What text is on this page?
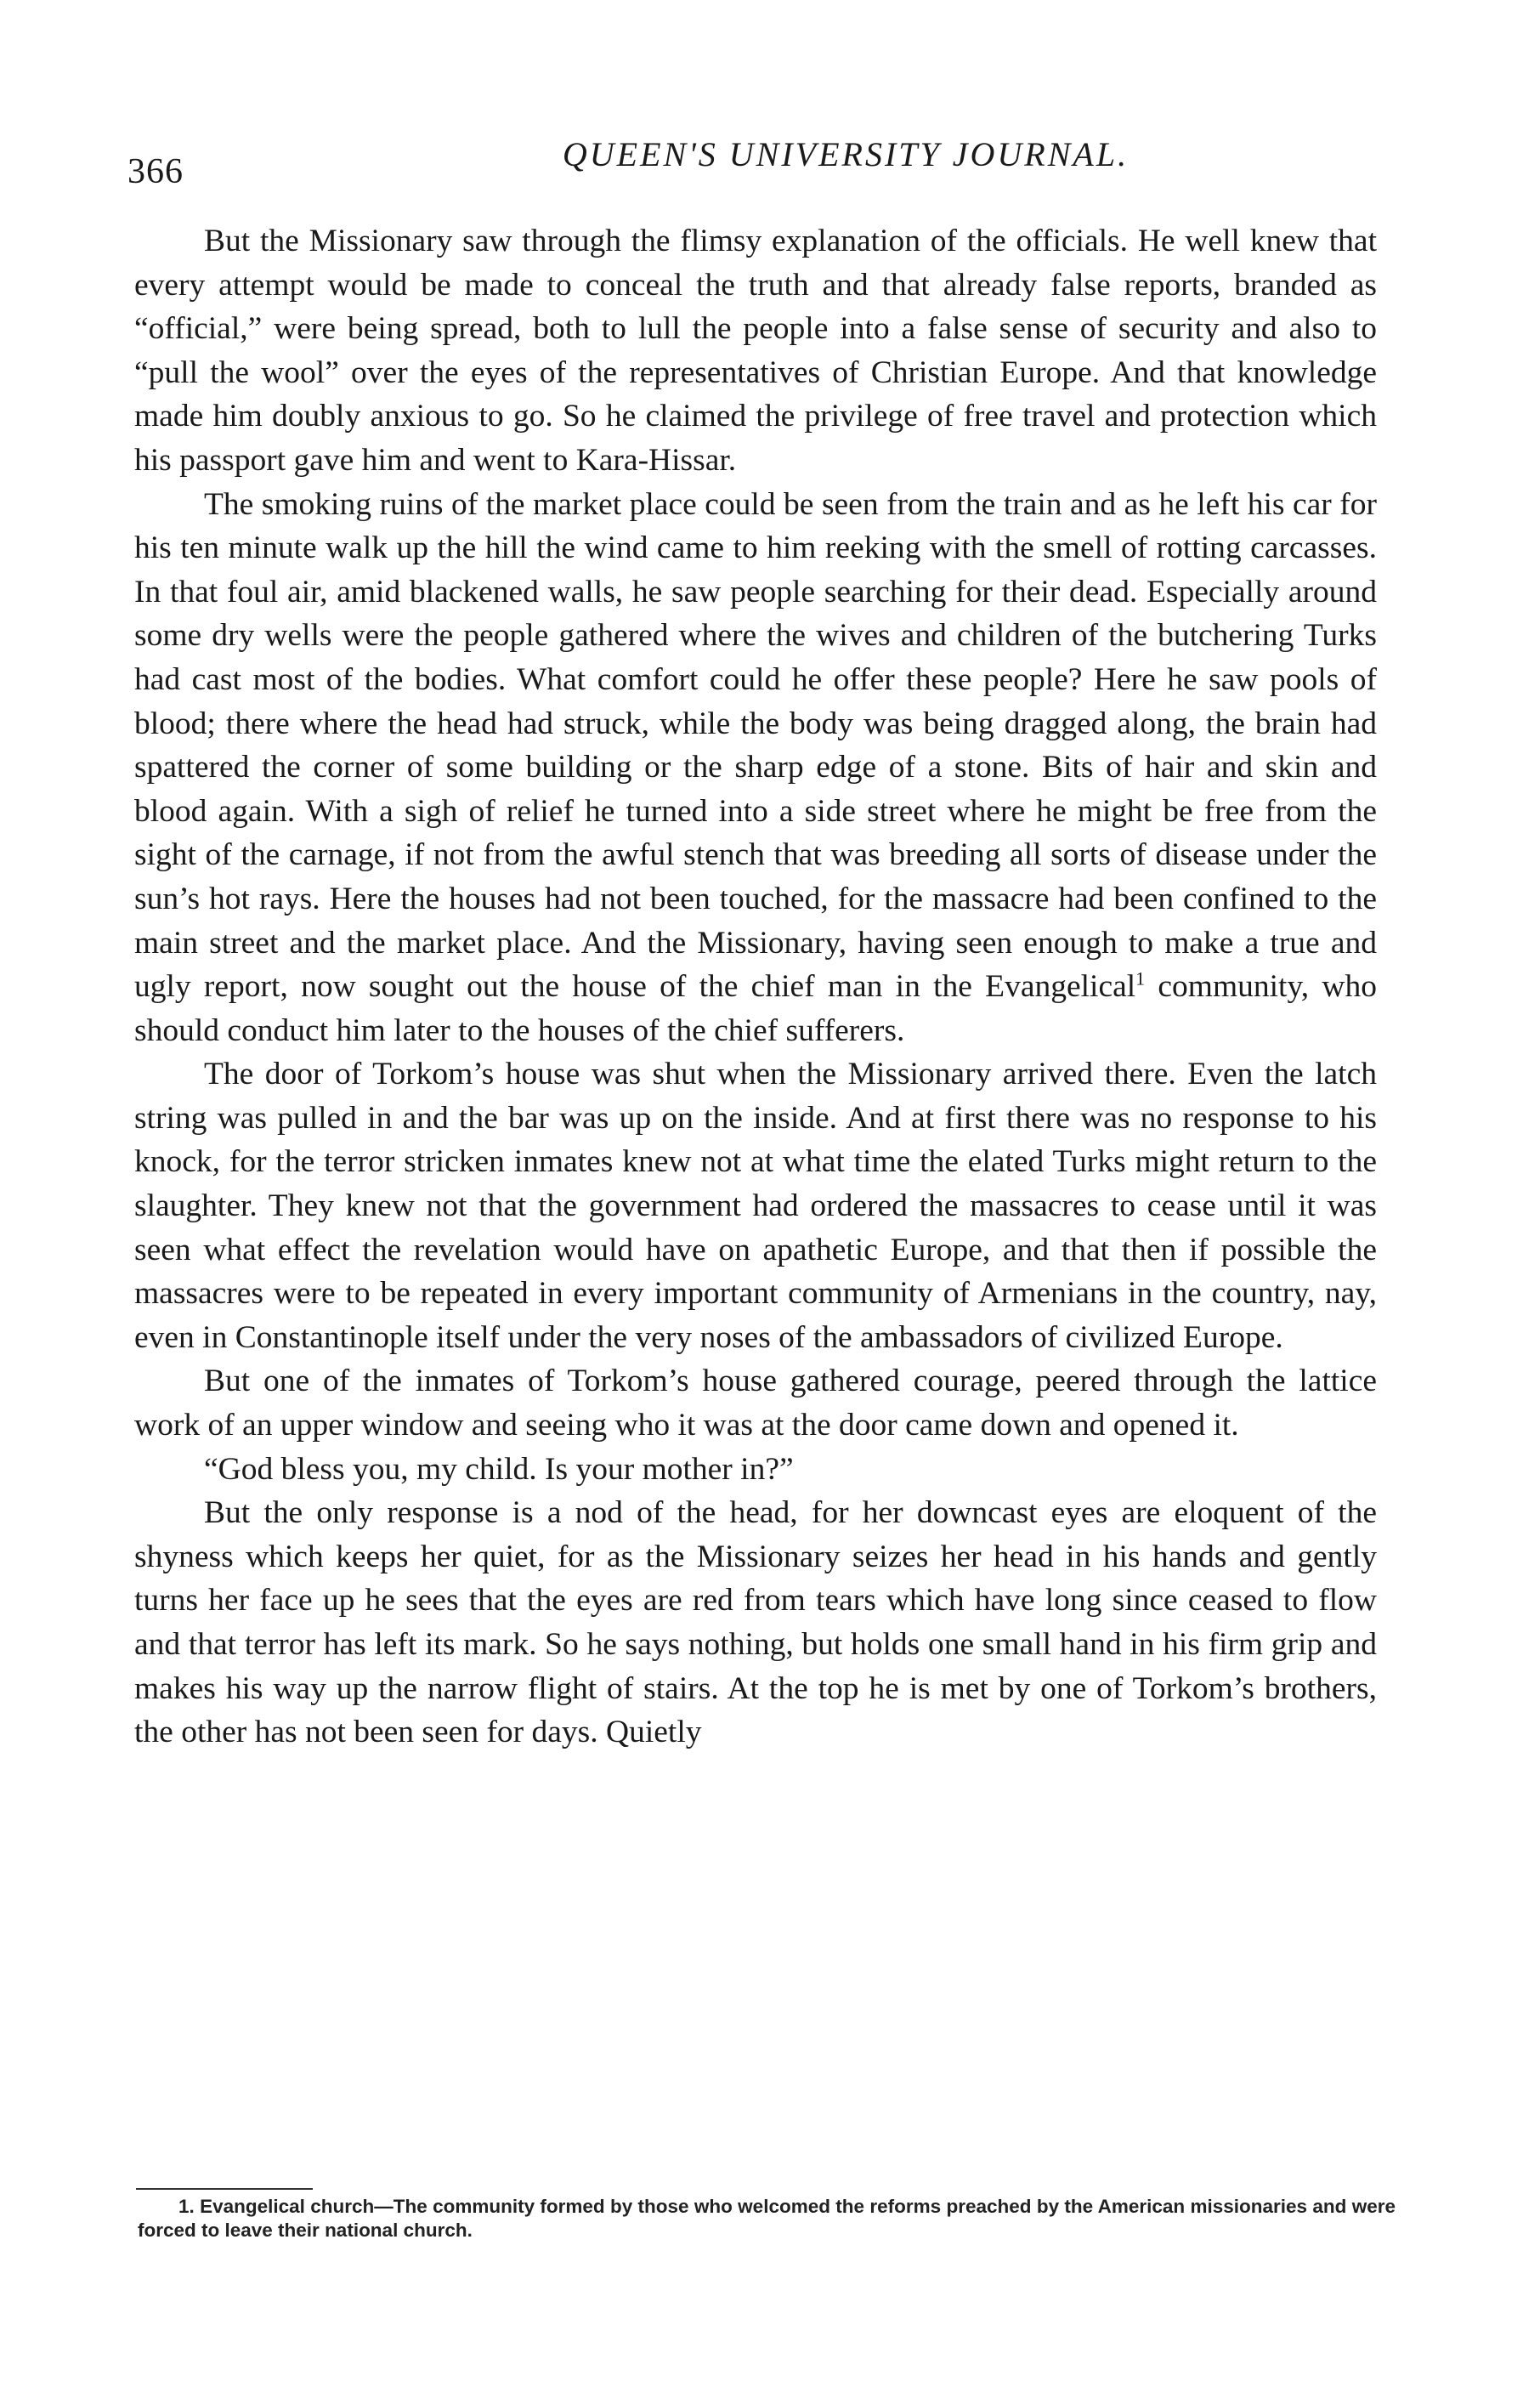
366	QUEEN'S UNIVERSITY JOURNAL.

But the Missionary saw through the flimsy explanation of the officials. He well knew that every attempt would be made to conceal the truth and that already false reports, branded as “official,” were being spread, both to lull the people into a false sense of security and also to “pull the wool” over the eyes of the representatives of Christian Europe. And that knowledge made him doubly anxious to go. So he claimed the privilege of free travel and protection which his passport gave him and went to Kara-Hissar.

The smoking ruins of the market place could be seen from the train and as he left his car for his ten minute walk up the hill the wind came to him reeking with the smell of rotting carcasses. In that foul air, amid blackened walls, he saw people searching for their dead. Especially around some dry wells were the people gathered where the wives and children of the butchering Turks had cast most of the bodies. What comfort could he offer these people? Here he saw pools of blood; there where the head had struck, while the body was being dragged along, the brain had spattered the corner of some building or the sharp edge of a stone. Bits of hair and skin and blood again. With a sigh of relief he turned into a side street where he might be free from the sight of the carnage, if not from the awful stench that was breeding all sorts of disease under the sun’s hot rays. Here the houses had not been touched, for the massacre had been confined to the main street and the market place. And the Missionary, having seen enough to make a true and ugly report, now sought out the house of the chief man in the Evangelical$^1$ community, who should conduct him later to the houses of the chief sufferers.

The door of Torkom’s house was shut when the Missionary arrived there. Even the latch string was pulled in and the bar was up on the inside. And at first there was no response to his knock, for the terror stricken inmates knew not at what time the elated Turks might return to the slaughter. They knew not that the government had ordered the massacres to cease until it was seen what effect the revelation would have on apathetic Europe, and that then if possible the massacres were to be repeated in every important community of Armenians in the country, nay, even in Constantinople itself under the very noses of the ambassadors of civilized Europe.

But one of the inmates of Torkom’s house gathered courage, peered through the lattice work of an upper window and seeing who it was at the door came down and opened it.

“God bless you, my child. Is your mother in?”

But the only response is a nod of the head, for her downcast eyes are eloquent of the shyness which keeps her quiet, for as the Missionary seizes her head in his hands and gently turns her face up he sees that the eyes are red from tears which have long since ceased to flow and that terror has left its mark. So he says nothing, but holds one small hand in his firm grip and makes his way up the narrow flight of stairs. At the top he is met by one of Torkom’s brothers, the other has not been seen for days. Quietly

1. Evangelical church—The community formed by those who welcomed the reforms preached by the American missionaries and were forced to leave their national church.
